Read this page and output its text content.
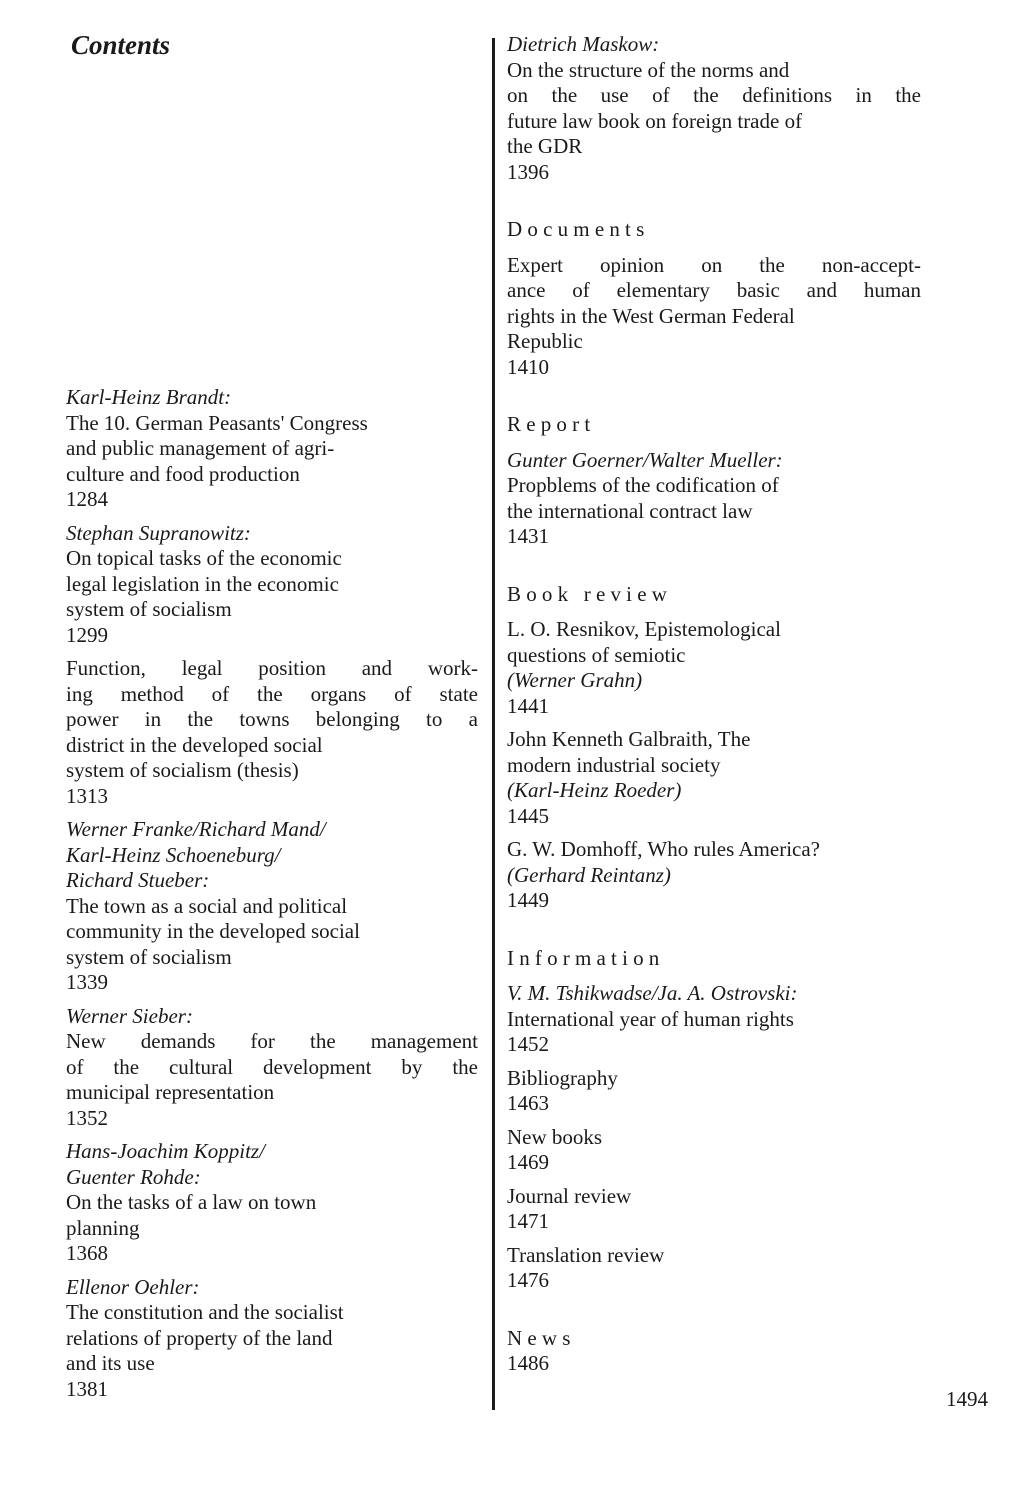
Contents
Karl-Heinz Brandt:
The 10. German Peasants' Congress
and public management of agri-
culture and food production
1284
Stephan Supranowitz:
On topical tasks of the economic
legal legislation in the economic
system of socialism
1299
Function, legal position and work-
ing method of the organs of state
power in the towns belonging to a
district in the developed social
system of socialism (thesis)
1313
Werner Franke/Richard Mand/
Karl-Heinz Schoeneburg/
Richard Stueber:
The town as a social and political
community in the developed social
system of socialism
1339
Werner Sieber:
New demands for the management
of the cultural development by the
municipal representation
1352
Hans-Joachim Koppitz/
Guenter Rohde:
On the tasks of a law on town
planning
1368
Ellenor Oehler:
The constitution and the socialist
relations of property of the land
and its use
1381
Dietrich Maskow:
On the structure of the norms and
on the use of the definitions in the
future law book on foreign trade of
the GDR
1396
Documents
Expert opinion on the non-accept-
ance of elementary basic and human
rights in the West German Federal
Republic
1410
Report
Gunter Goerner/Walter Mueller:
Propblems of the codification of
the international contract law
1431
Book review
L. O. Resnikov, Epistemological
questions of semiotic
(Werner Grahn)
1441
John Kenneth Galbraith, The
modern industrial society
(Karl-Heinz Roeder)
1445
G. W. Domhoff, Who rules America?
(Gerhard Reintanz)
1449
Information
V. M. Tshikwadse/Ja. A. Ostrovski:
International year of human rights
1452
Bibliography
1463
New books
1469
Journal review
1471
Translation review
1476
News
1486
1494
